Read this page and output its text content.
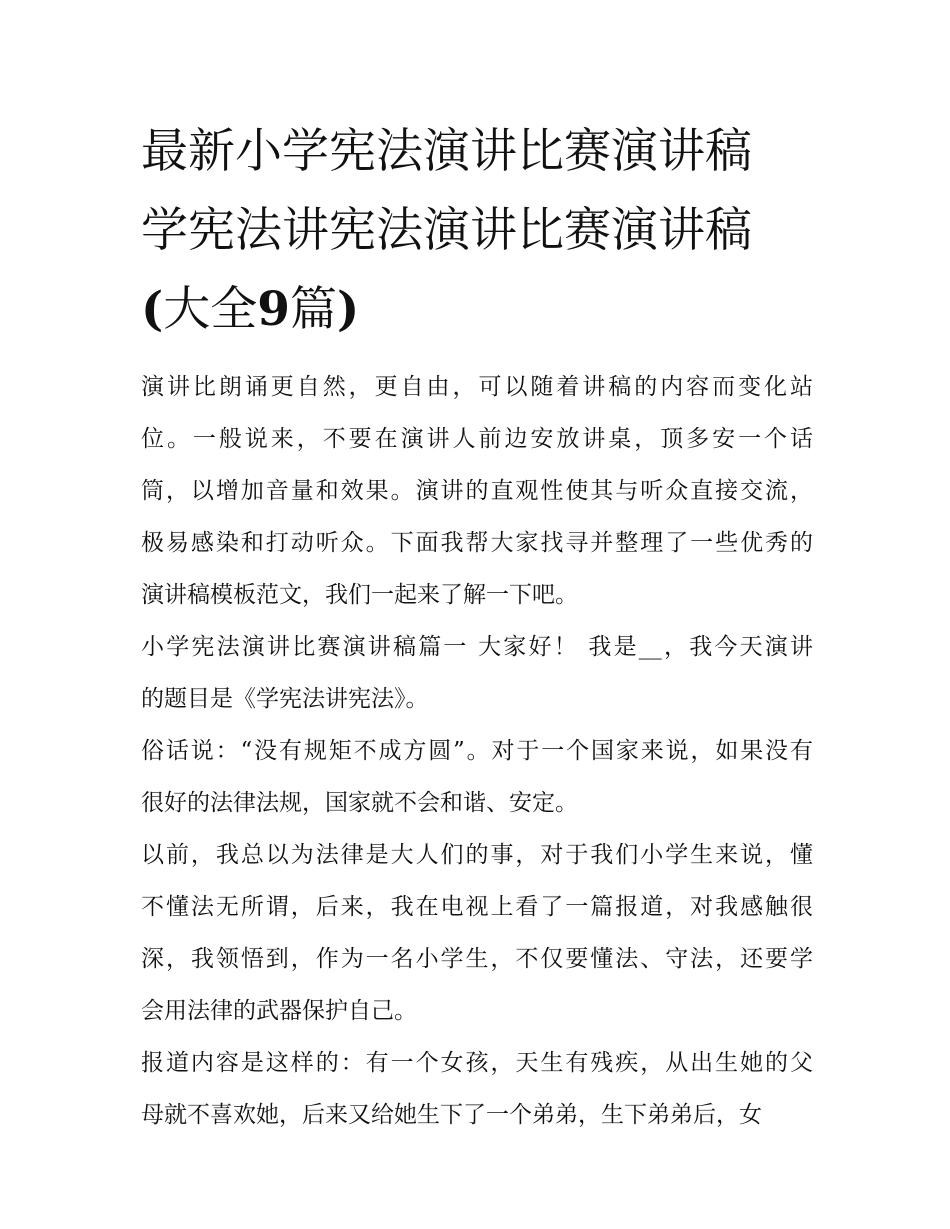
最新小学宪法演讲比赛演讲稿
学宪法讲宪法演讲比赛演讲稿
(大全9篇)
演讲比朗诵更自然，更自由，可以随着讲稿的内容而变化站
位。一般说来，不要在演讲人前边安放讲桌，顶多安一个话
筒，以增加音量和效果。演讲的直观性使其与听众直接交流，
极易感染和打动听众。下面我帮大家找寻并整理了一些优秀的
演讲稿模板范文，我们一起来了解一下吧。
小学宪法演讲比赛演讲稿篇一 大家好！ 我是__，我今天演讲
的题目是《学宪法讲宪法》。
俗话说：“没有规矩不成方圆”。对于一个国家来说，如果没有
很好的法律法规，国家就不会和谐、安定。
以前，我总以为法律是大人们的事，对于我们小学生来说，懂
不懂法无所谓，后来，我在电视上看了一篇报道，对我感触很
深，我领悟到，作为一名小学生，不仅要懂法、守法，还要学
会用法律的武器保护自己。
报道内容是这样的：有一个女孩，天生有残疾，从出生她的父
母就不喜欢她，后来又给她生下了一个弟弟，生下弟弟后，女
